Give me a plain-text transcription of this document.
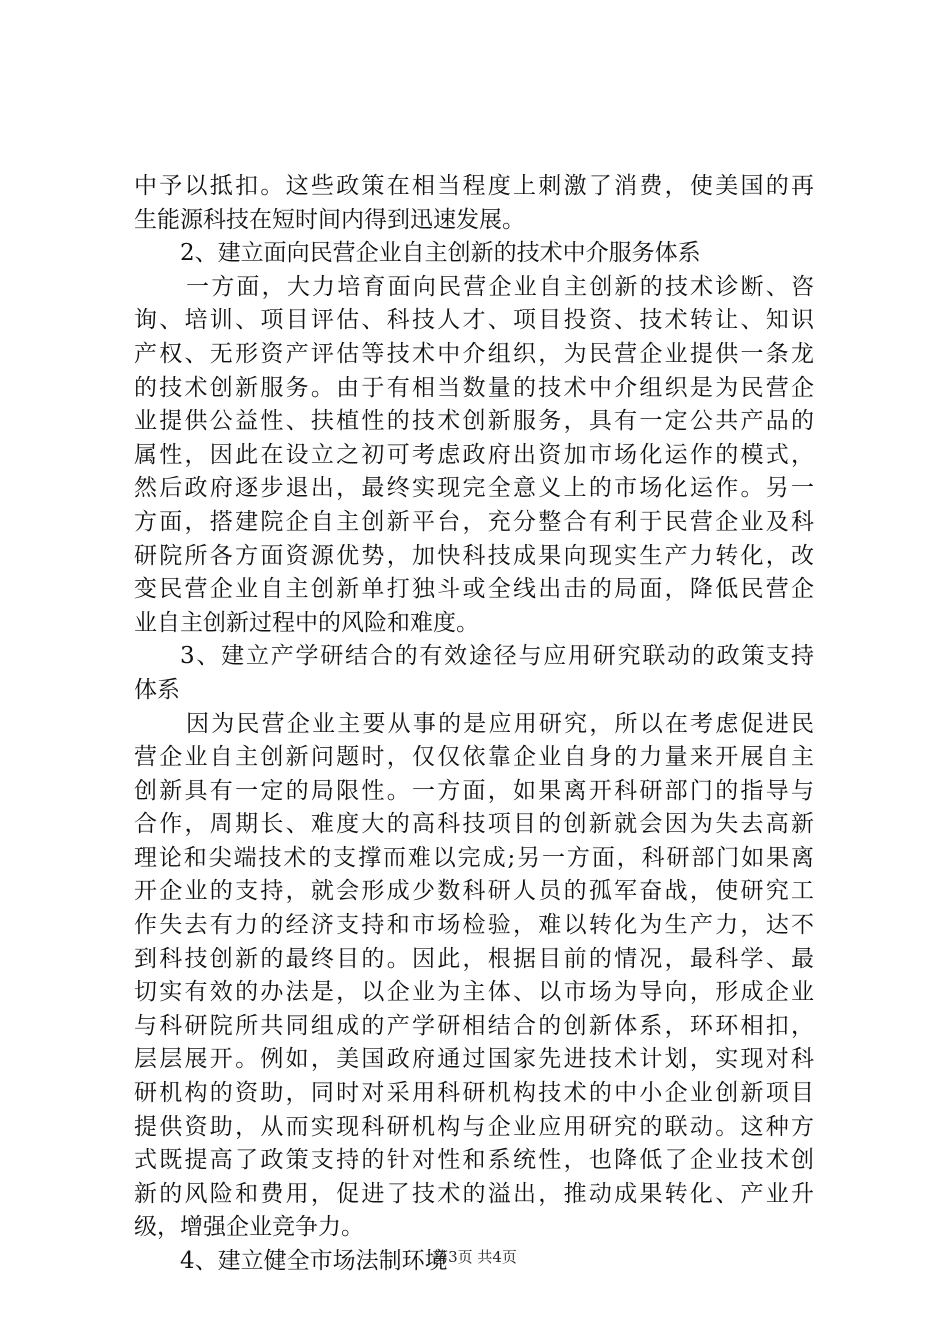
中予以抵扣。这些政策在相当程度上刺激了消费，使美国的再
生能源科技在短时间内得到迅速发展。
2、建立面向民营企业自主创新的技术中介服务体系
一方面，大力培育面向民营企业自主创新的技术诊断、咨
询、培训、项目评估、科技人才、项目投资、技术转让、知识
产权、无形资产评估等技术中介组织，为民营企业提供一条龙
的技术创新服务。由于有相当数量的技术中介组织是为民营企
业提供公益性、扶植性的技术创新服务，具有一定公共产品的
属性，因此在设立之初可考虑政府出资加市场化运作的模式，
然后政府逐步退出，最终实现完全意义上的市场化运作。另一
方面，搭建院企自主创新平台，充分整合有利于民营企业及科
研院所各方面资源优势，加快科技成果向现实生产力转化，改
变民营企业自主创新单打独斗或全线出击的局面，降低民营企
业自主创新过程中的风险和难度。
3、建立产学研结合的有效途径与应用研究联动的政策支持
体系
因为民营企业主要从事的是应用研究，所以在考虑促进民
营企业自主创新问题时，仅仅依靠企业自身的力量来开展自主
创新具有一定的局限性。一方面，如果离开科研部门的指导与
合作，周期长、难度大的高科技项目的创新就会因为失去高新
理论和尖端技术的支撑而难以完成;另一方面，科研部门如果离
开企业的支持，就会形成少数科研人员的孤军奋战，使研究工
作失去有力的经济支持和市场检验，难以转化为生产力，达不
到科技创新的最终目的。因此，根据目前的情况，最科学、最
切实有效的办法是，以企业为主体、以市场为导向，形成企业
与科研院所共同组成的产学研相结合的创新体系，环环相扣，
层层展开。例如，美国政府通过国家先进技术计划，实现对科
研机构的资助，同时对采用科研机构技术的中小企业创新项目
提供资助，从而实现科研机构与企业应用研究的联动。这种方
式既提高了政策支持的针对性和系统性，也降低了企业技术创
新的风险和费用，促进了技术的溢出，推动成果转化、产业升
级，增强企业竞争力。
4、建立健全市场法制环境
第3页 共4页
